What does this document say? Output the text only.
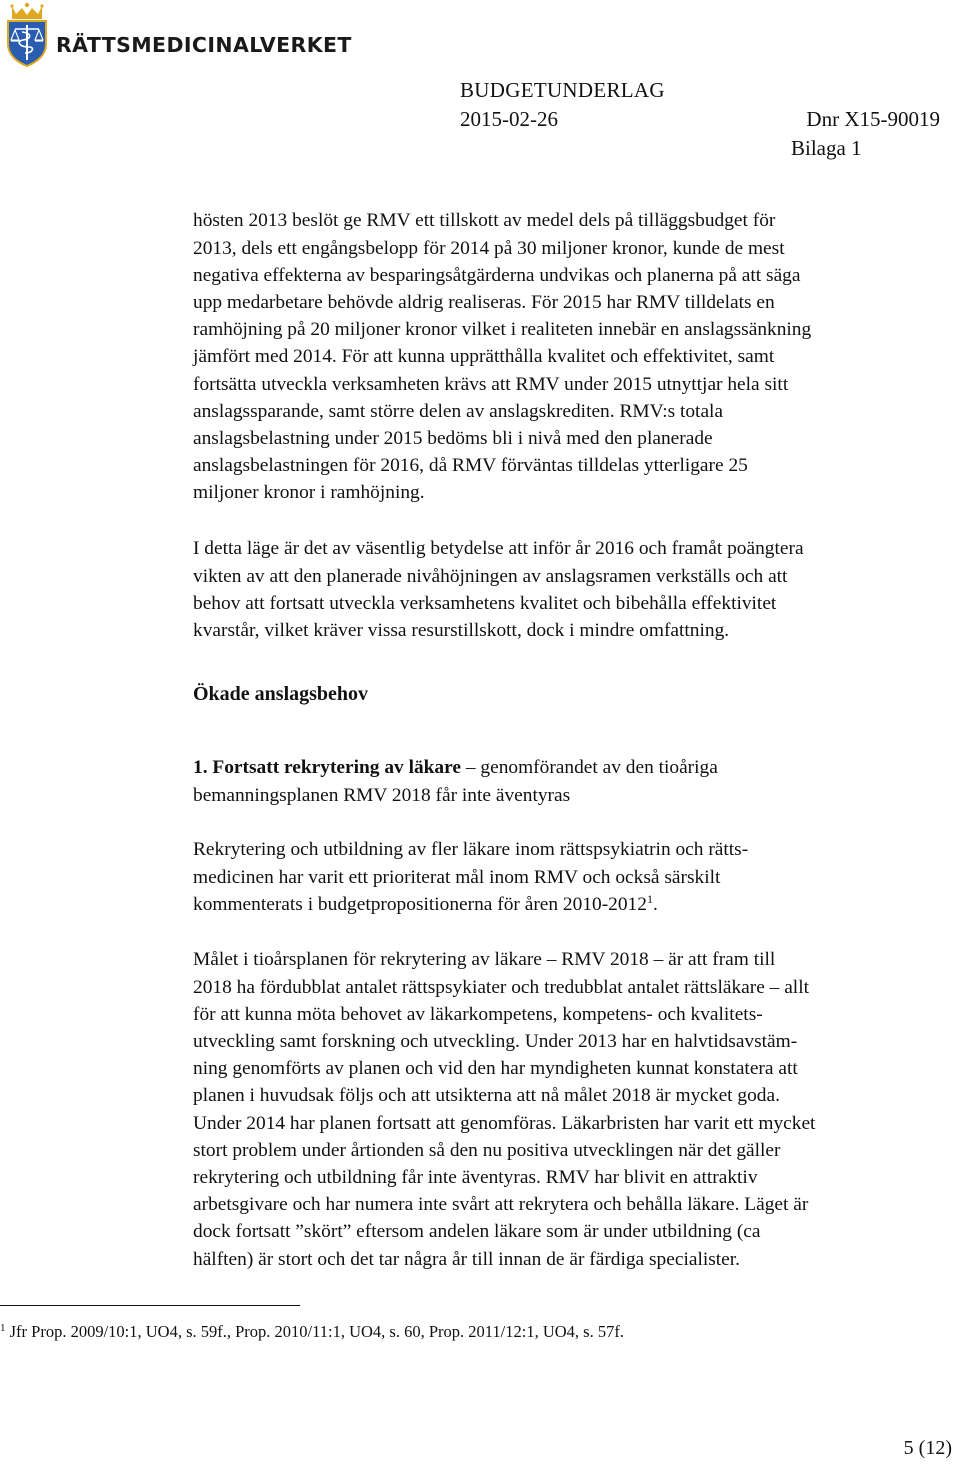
RÄTTSMEDICINALVERKET
BUDGETUNDERLAG
2015-02-26	Dnr X15-90019
Bilaga 1

hösten 2013 beslöt ge RMV ett tillskott av medel dels på tilläggsbudget för
2013, dels ett engångsbelopp för 2014 på 30 miljoner kronor, kunde de mest
negativa effekterna av besparingsåtgärderna undvikas och planerna på att säga
upp medarbetare behövde aldrig realiseras. För 2015 har RMV tilldelats en
ramhöjning på 20 miljoner kronor vilket i realiteten innebär en anslagssänkning
jämfört med 2014. För att kunna upprätthålla kvalitet och effektivitet, samt
fortsätta utveckla verksamheten krävs att RMV under 2015 utnyttjar hela sitt
anslagssparande, samt större delen av anslagskrediten. RMV:s totala
anslagsbelastning under 2015 bedöms bli i nivå med den planerade
anslagsbelastningen för 2016, då RMV förväntas tilldelas ytterligare 25
miljoner kronor i ramhöjning.

I detta läge är det av väsentlig betydelse att inför år 2016 och framåt poängtera
vikten av att den planerade nivåhöjningen av anslagsramen verkställs och att
behov att fortsatt utveckla verksamhetens kvalitet och bibehålla effektivitet
kvarstår, vilket kräver vissa resurstillskott, dock i mindre omfattning.

Ökade anslagsbehov

1. Fortsatt rekrytering av läkare – genomförandet av den tioåriga
bemanningsplanen RMV 2018 får inte äventyras

Rekrytering och utbildning av fler läkare inom rättspsykiatrin och rätts-
medicinen har varit ett prioriterat mål inom RMV och också särskilt
kommenterats i budgetpropositionerna för åren 2010-2012$^1$.

Målet i tioårsplanen för rekrytering av läkare – RMV 2018 – är att fram till
2018 ha fördubblat antalet rättspsykiater och tredubblat antalet rättsläkare – allt
för att kunna möta behovet av läkarkompetens, kompetens- och kvalitets-
utveckling samt forskning och utveckling. Under 2013 har en halvtidsavstäm-
ning genomförts av planen och vid den har myndigheten kunnat konstatera att
planen i huvudsak följs och att utsikterna att nå målet 2018 är mycket goda.
Under 2014 har planen fortsatt att genomföras. Läkarbristen har varit ett mycket
stort problem under årtionden så den nu positiva utvecklingen när det gäller
rekrytering och utbildning får inte äventyras. RMV har blivit en attraktiv
arbetsgivare och har numera inte svårt att rekrytera och behålla läkare. Läget är
dock fortsatt ”skört” eftersom andelen läkare som är under utbildning (ca
hälften) är stort och det tar några år till innan de är färdiga specialister.

$^1$ Jfr Prop. 2009/10:1, UO4, s. 59f., Prop. 2010/11:1, UO4, s. 60, Prop. 2011/12:1, UO4, s. 57f.
5 (12)
